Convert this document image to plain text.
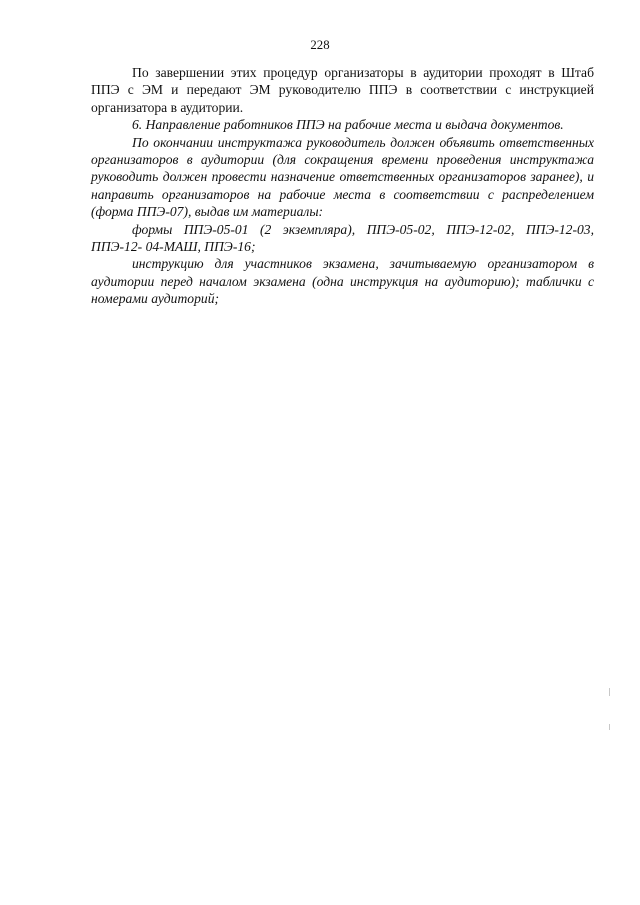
228

По завершении этих процедур организаторы в аудитории проходят в Штаб ППЭ с ЭМ и передают ЭМ руководителю ППЭ в соответствии с инструкцией организатора в аудитории.

6. Направление работников ППЭ на рабочие места и выдача документов.

По окончании инструктажа руководитель должен объявить ответственных организаторов в аудитории (для сокращения времени проведения инструктажа руководить должен провести назначение ответственных организаторов заранее), и направить организаторов на рабочие места в соответствии с распределением (форма ППЭ-07), выдав им материалы:

формы ППЭ-05-01 (2 экземпляра), ППЭ-05-02, ППЭ-12-02, ППЭ-12-03, ППЭ-12- 04-МАШ, ППЭ-16;

инструкцию для участников экзамена, зачитываемую организатором в аудитории перед началом экзамена (одна инструкция на аудиторию); таблички с номерами аудиторий;
